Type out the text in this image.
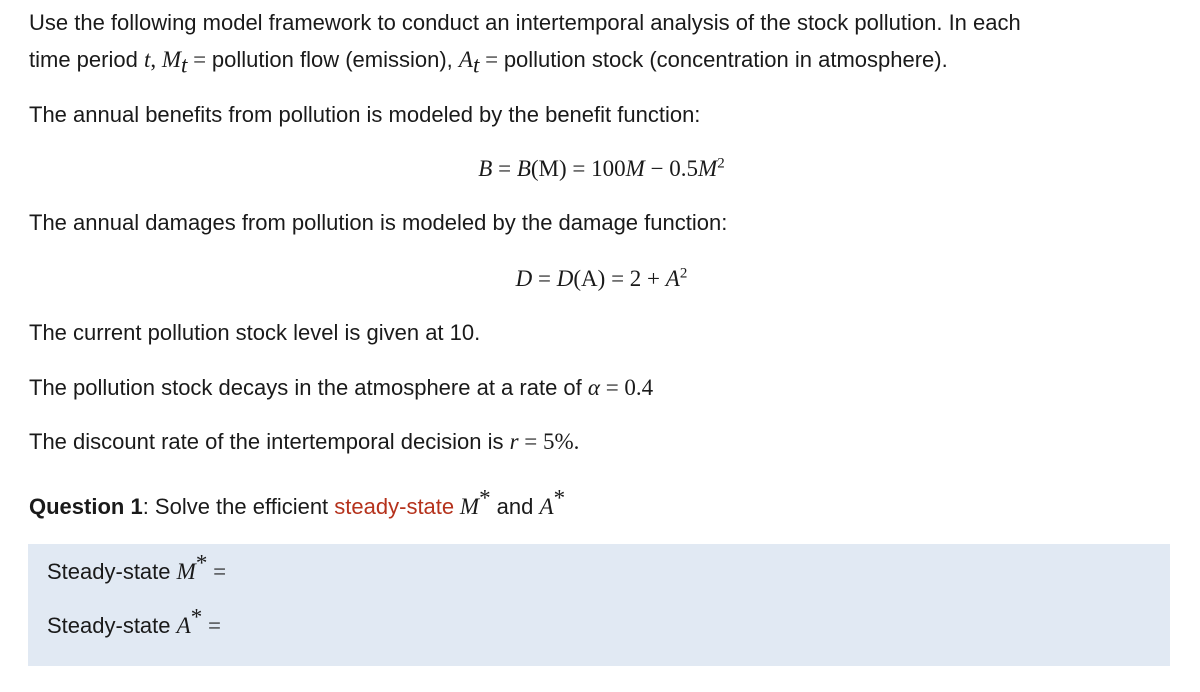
Use the following model framework to conduct an intertemporal analysis of the stock pollution. In each
time period t, $M_t$ = pollution flow (emission), $A_t$ = pollution stock (concentration in atmosphere).
The annual benefits from pollution is modeled by the benefit function:
$B = B(M) = 100M - 0.5M^2$
The annual damages from pollution is modeled by the damage function:
$D = D(A) = 2 + A^2$
The current pollution stock level is given at 10.
The pollution stock decays in the atmosphere at a rate of α = 0.4
The discount rate of the intertemporal decision is r = 5%.
Question 1: Solve the efficient steady-state M* and A*
Steady-state M* =
Steady-state A* =
